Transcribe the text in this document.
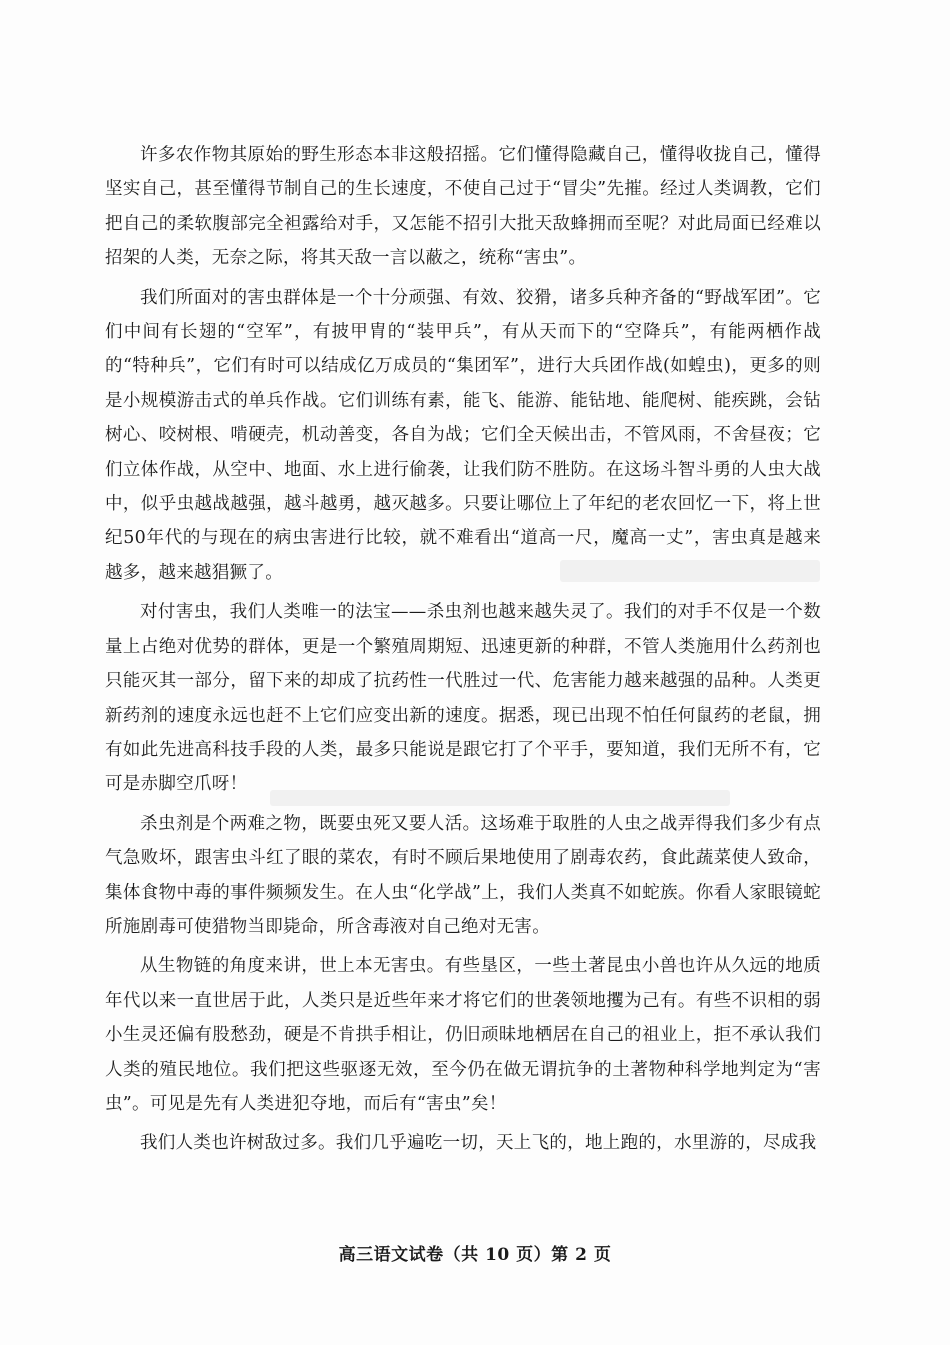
许多农作物其原始的野生形态本非这般招摇。它们懂得隐藏自己，懂得收拢自己，懂得坚实自己，甚至懂得节制自己的生长速度，不使自己过于“冒尖”先摧。经过人类调教，它们把自己的柔软腹部完全袒露给对手，又怎能不招引大批天敌蜂拥而至呢？对此局面已经难以招架的人类，无奈之际，将其天敌一言以蔽之，统称“害虫”。

我们所面对的害虫群体是一个十分顽强、有效、狡猾，诸多兵种齐备的“野战军团”。它们中间有长翅的“空军”，有披甲胄的“装甲兵”，有从天而下的“空降兵”，有能两栖作战的“特种兵”，它们有时可以结成亿万成员的“集团军”，进行大兵团作战(如蝗虫)，更多的则是小规模游击式的单兵作战。它们训练有素，能飞、能游、能钻地、能爬树、能疾跳，会钻树心、咬树根、啃硬壳，机动善变，各自为战；它们全天候出击，不管风雨，不舍昼夜；它们立体作战，从空中、地面、水上进行偷袭，让我们防不胜防。在这场斗智斗勇的人虫大战中，似乎虫越战越强，越斗越勇，越灭越多。只要让哪位上了年纪的老农回忆一下，将上世纪50年代的与现在的病虫害进行比较，就不难看出“道高一尺，魔高一丈”，害虫真是越来越多，越来越猖獗了。

对付害虫，我们人类唯一的法宝——杀虫剂也越来越失灵了。我们的对手不仅是一个数量上占绝对优势的群体，更是一个繁殖周期短、迅速更新的种群，不管人类施用什么药剂也只能灭其一部分，留下来的却成了抗药性一代胜过一代、危害能力越来越强的品种。人类更新药剂的速度永远也赶不上它们应变出新的速度。据悉，现已出现不怕任何鼠药的老鼠，拥有如此先进高科技手段的人类，最多只能说是跟它打了个平手，要知道，我们无所不有，它可是赤脚空爪呀！

杀虫剂是个两难之物，既要虫死又要人活。这场难于取胜的人虫之战弄得我们多少有点气急败坏，跟害虫斗红了眼的菜农，有时不顾后果地使用了剧毒农药，食此蔬菜使人致命，集体食物中毒的事件频频发生。在人虫“化学战”上，我们人类真不如蛇族。你看人家眼镜蛇所施剧毒可使猎物当即毙命，所含毒液对自己绝对无害。

从生物链的角度来讲，世上本无害虫。有些垦区，一些土著昆虫小兽也许从久远的地质年代以来一直世居于此，人类只是近些年来才将它们的世袭领地攫为己有。有些不识相的弱小生灵还偏有股愁劲，硬是不肯拱手相让，仍旧顽昧地栖居在自己的祖业上，拒不承认我们人类的殖民地位。我们把这些驱逐无效，至今仍在做无谓抗争的土著物种科学地判定为“害虫”。可见是先有人类进犯夺地，而后有“害虫”矣！

我们人类也许树敌过多。我们几乎遍吃一切，天上飞的，地上跑的，水里游的，尽成我

高三语文试卷（共 10 页）第 2 页
